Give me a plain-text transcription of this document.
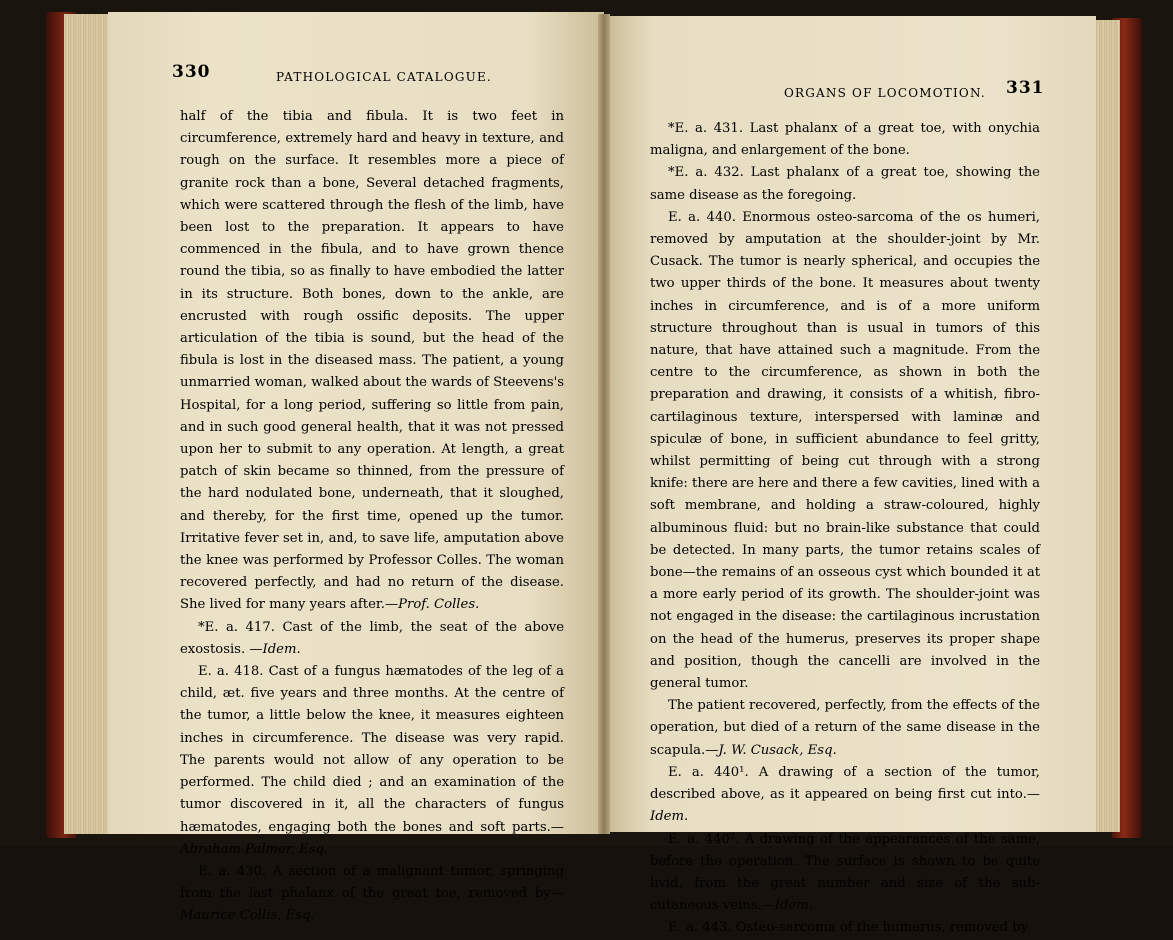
330	PATHOLOGICAL CATALOGUE.
ORGANS OF LOCOMOTION. 331

half of the tibia and fibula. It is two feet in circumference, extremely hard and heavy in texture, and rough on the surface. It resembles more a piece of granite rock than a bone, Several detached fragments, which were scattered through the flesh of the limb, have been lost to the preparation. It appears to have commenced in the fibula, and to have grown thence round the tibia, so as finally to have embodied the latter in its structure. Both bones, down to the ankle, are encrusted with rough ossific deposits. The upper articulation of the tibia is sound, but the head of the fibula is lost in the diseased mass. The patient, a young unmarried woman, walked about the wards of Steevens's Hospital, for a long period, suffering so little from pain, and in such good general health, that it was not pressed upon her to submit to any operation. At length, a great patch of skin became so thinned, from the pressure of the hard nodulated bone, underneath, that it sloughed, and thereby, for the first time, opened up the tumor. Irritative fever set in, and, to save life, amputation above the knee was performed by Professor Colles. The woman recovered perfectly, and had no return of the disease. She lived for many years after.—Prof. Colles.

*E. a. 417. Cast of the limb, the seat of the above exostosis. —Idem.

E. a. 418. Cast of a fungus hæmatodes of the leg of a child, æt. five years and three months. At the centre of the tumor, a little below the knee, it measures eighteen inches in circumference. The disease was very rapid. The parents would not allow of any operation to be performed. The child died ; and an examination of the tumor discovered in it, all the characters of fungus hæmatodes, engaging both the bones and soft parts.—Abraham Palmer, Esq.

E. a. 430. A section of a malignant tumor, springing from the last phalanx of the great toe, removed by—Maurice Collis, Esq.

*E. a. 431. Last phalanx of a great toe, with onychia maligna, and enlargement of the bone.

*E. a. 432. Last phalanx of a great toe, showing the same disease as the foregoing.

E. a. 440. Enormous osteo-sarcoma of the os humeri, removed by amputation at the shoulder-joint by Mr. Cusack. The tumor is nearly spherical, and occupies the two upper thirds of the bone. It measures about twenty inches in circumference, and is of a more uniform structure throughout than is usual in tumors of this nature, that have attained such a magnitude. From the centre to the circumference, as shown in both the preparation and drawing, it consists of a whitish, fibro-cartilaginous texture, interspersed with laminæ and spiculæ of bone, in sufficient abundance to feel gritty, whilst permitting of being cut through with a strong knife: there are here and there a few cavities, lined with a soft membrane, and holding a straw-coloured, highly albuminous fluid: but no brain-like substance that could be detected. In many parts, the tumor retains scales of bone—the remains of an osseous cyst which bounded it at a more early period of its growth. The shoulder-joint was not engaged in the disease: the cartilaginous incrustation on the head of the humerus, preserves its proper shape and position, though the cancelli are involved in the general tumor.

The patient recovered, perfectly, from the effects of the operation, but died of a return of the same disease in the scapula.—J. W. Cusack, Esq.

E. a. 440¹. A drawing of a section of the tumor, described above, as it appeared on being first cut into.—Idem.

E. a. 440². A drawing of the appearances of the same, before the operation. The surface is shown to be quite livid, from the great number and size of the sub-cutaneous veins.—Idem.

E. a. 443. Osteo-sarcoma of the humerus, removed by
